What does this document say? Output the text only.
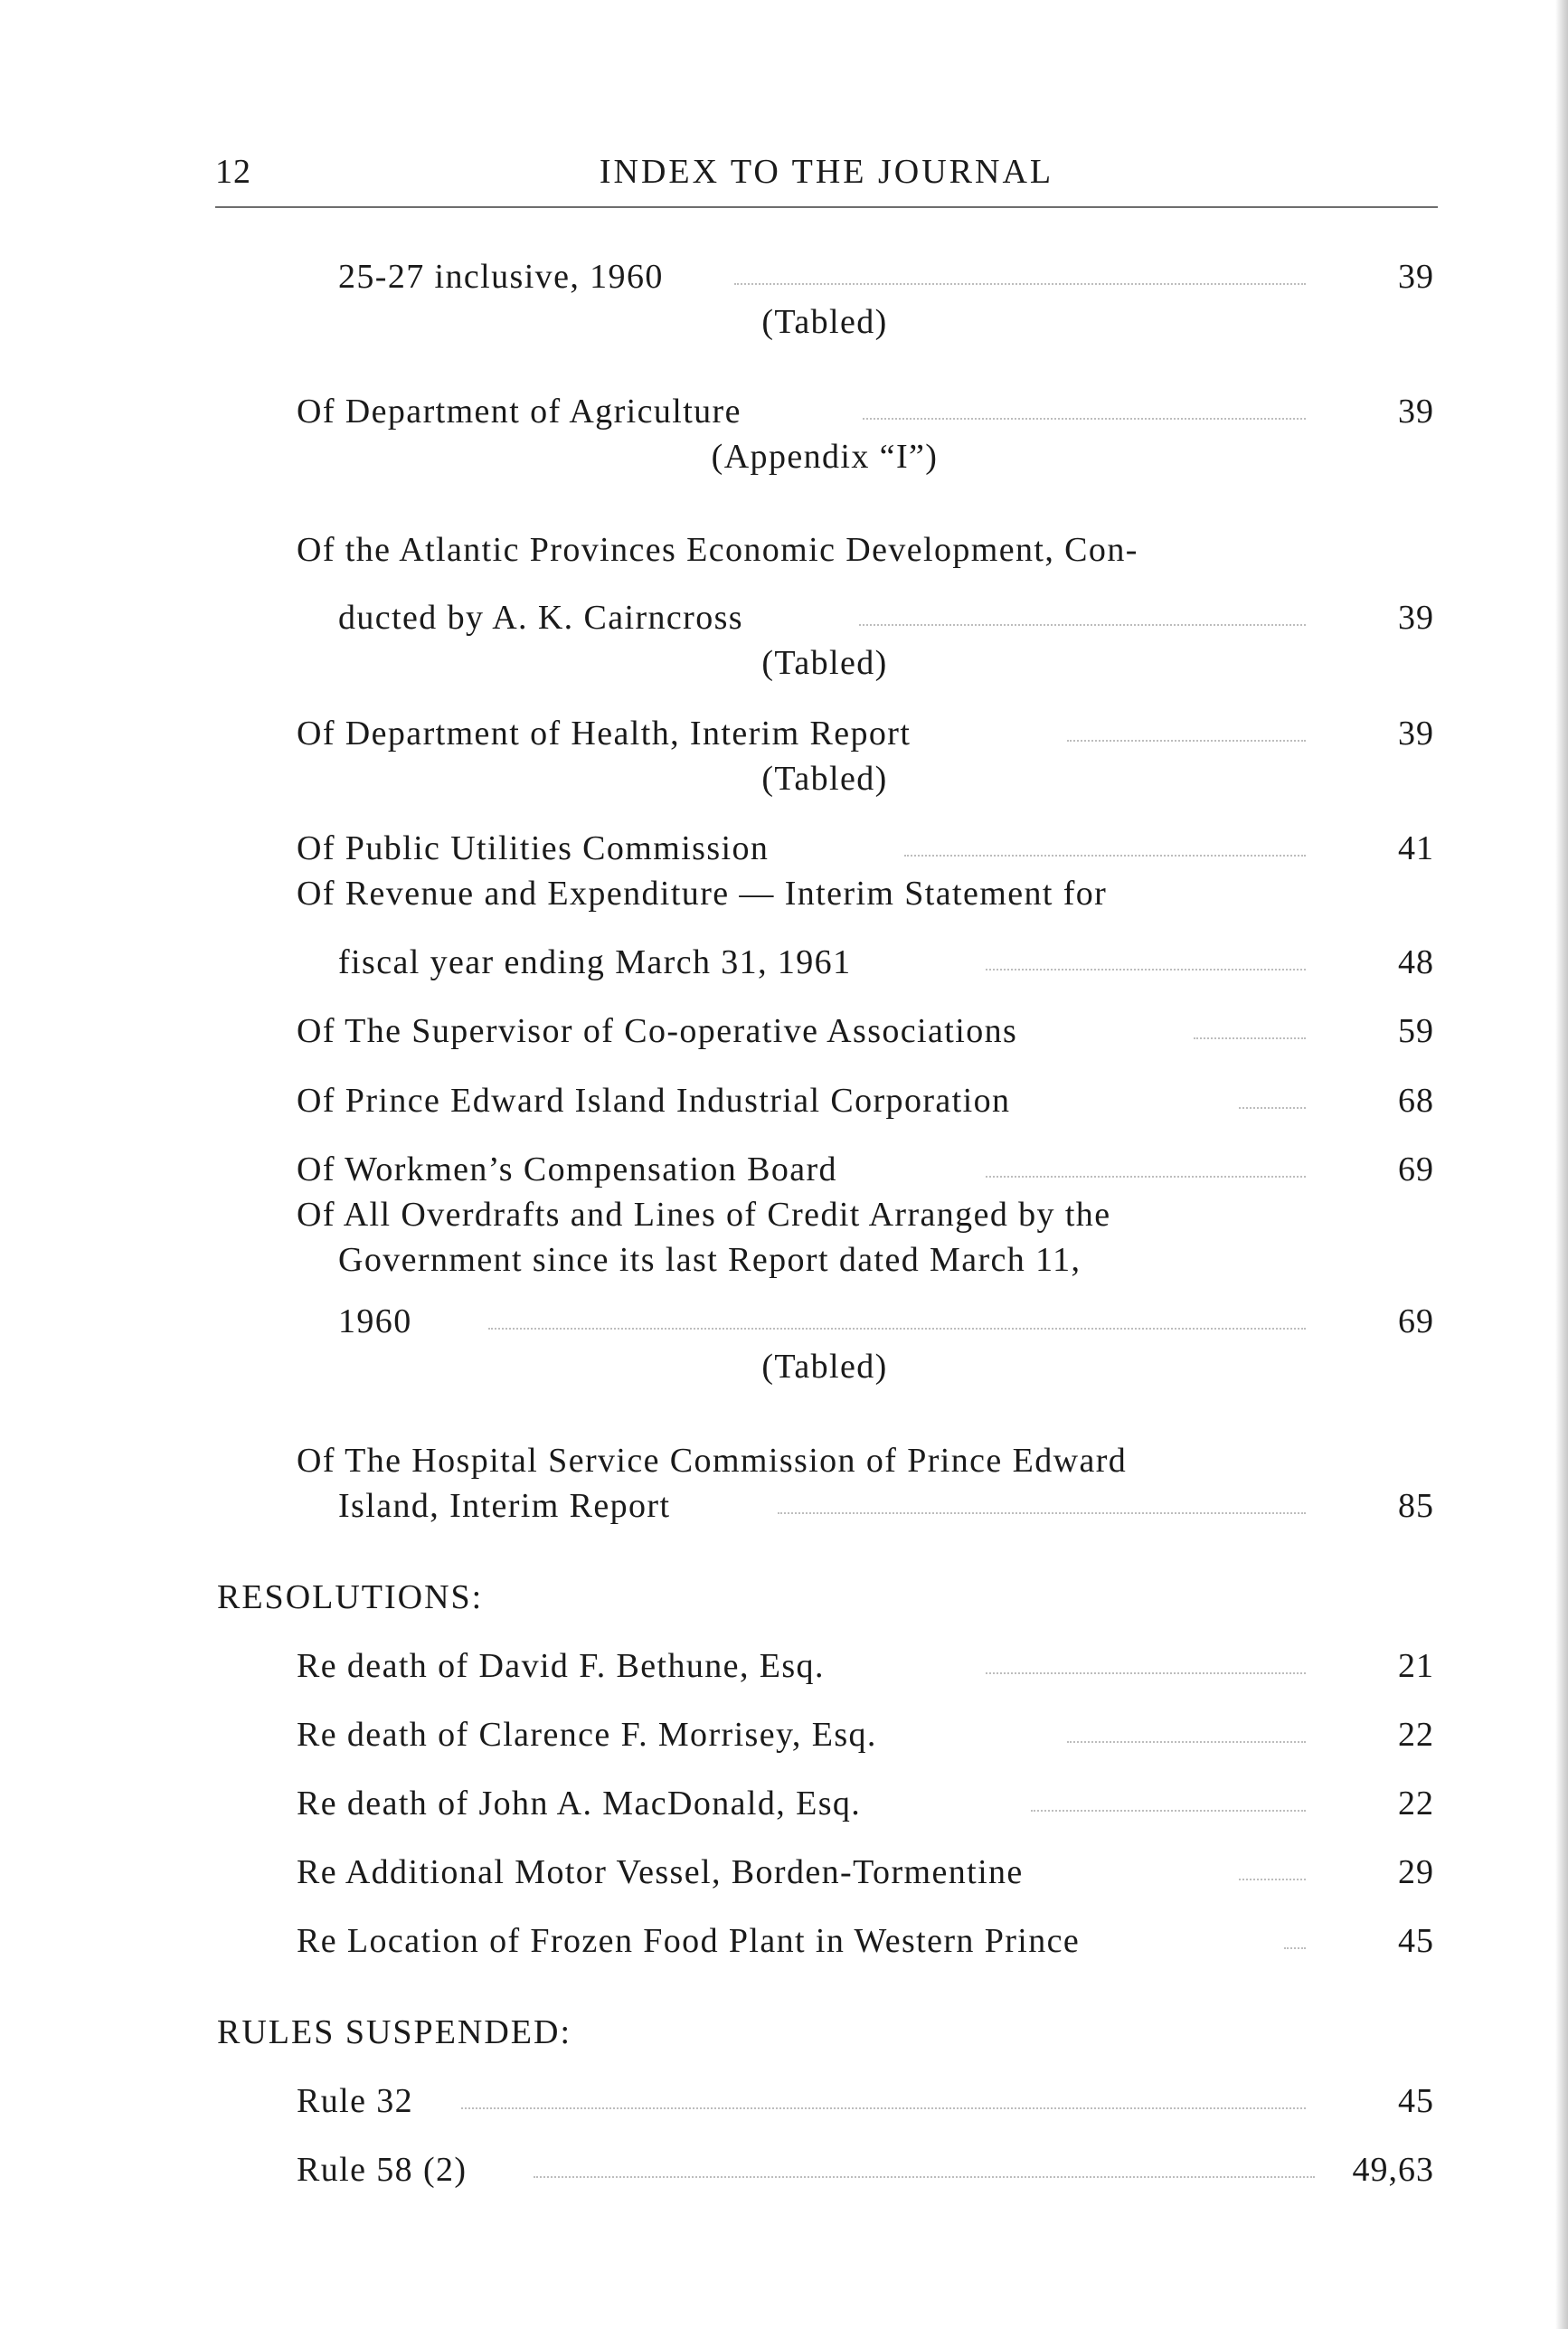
INDEX TO THE JOURNAL
12
25-27 inclusive, 1960	39
(Tabled)
Of Department of Agriculture	39
(Appendix “I”)
Of the Atlantic Provinces Economic Development, Con-
ducted by A. K. Cairncross	39
(Tabled)
Of Department of Health, Interim Report	39
(Tabled)
Of Public Utilities Commission	41
Of Revenue and Expenditure — Interim Statement for
fiscal year ending March 31, 1961	48
Of The Supervisor of Co-operative Associations	59
Of Prince Edward Island Industrial Corporation	68
Of Workmen’s Compensation Board	69
Of All Overdrafts and Lines of Credit Arranged by the
Government since its last Report dated March 11,
1960	69
(Tabled)
Of The Hospital Service Commission of Prince Edward
Island, Interim Report	85
RESOLUTIONS:
Re death of David F. Bethune, Esq.	21
Re death of Clarence F. Morrisey, Esq.	22
Re death of John A. MacDonald, Esq.	22
Re Additional Motor Vessel, Borden-Tormentine	29
Re Location of Frozen Food Plant in Western Prince	45
RULES SUSPENDED:
Rule 32	45
Rule 58 (2)	49,63
